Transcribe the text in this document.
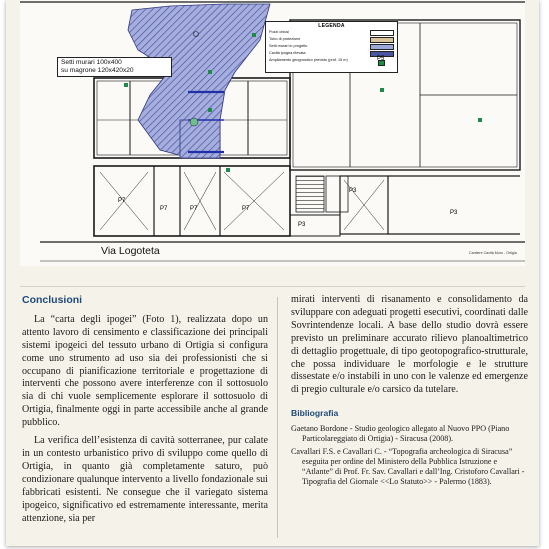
Setti murari 100x400
su magrone 120x420x20
LEGENDA
Pozzi chiusi
Tubo di protezione
Setti murari in progetto
Cavità ipogea rilevata
Ampliamento geognostico previsto (prof. 15 m)	P5
P7
P7	P7	P7
P3
P3
P3
Via Logoteta	Cantiere Cavità Muro - Ortigia
Conclusioni

La “carta degli ipogei” (Foto 1), realizzata dopo un attento lavoro di censimento e classificazione dei principali sistemi ipogeici del tessuto urbano di Ortigia si configura come uno strumento ad uso sia dei professionisti che si occupano di pianificazione territoriale e progettazione di interventi che possono avere interferenze con il sottosuolo sia di chi vuole semplicemente esplorare il sottosuolo di Ortigia, finalmente oggi in parte accessibile anche al grande pubblico.

La verifica dell’esistenza di cavità sotterranee, pur calate in un contesto urbanistico privo di sviluppo come quello di Ortigia, in quanto già completamente saturo, può condizionare qualunque intervento a livello fondazionale sui fabbricati esistenti. Ne consegue che il variegato sistema ipogeico, significativo ed estremamente interessante, merita attenzione, sia per

mirati interventi di risanamento e consolidamento da sviluppare con adeguati progetti esecutivi, coordinati dalle Sovrintendenze locali. A base dello studio dovrà essere previsto un preliminare accurato rilievo planoaltimetrico di dettaglio progettuale, di tipo geotopografico-strutturale, che possa individuare le morfologie e le strutture dissestate e/o instabili in uno con le valenze ed emergenze di pregio culturale e/o carsico da tutelare.

Bibliografia

Gaetano Bordone - Studio geologico allegato al Nuovo PPO (Piano Particolareggiato di Ortigia) - Siracusa (2008).

Cavallari F.S. e Cavallari C. - “Topografia archeologica di Siracusa” eseguita per ordine del Ministero della Pubblica Istruzione e “Atlante” di Prof. Fr. Sav. Cavallari e dall’Ing. Cristoforo Cavallari -Tipografia del Giornale <<Lo Statuto>> - Palermo (1883).
